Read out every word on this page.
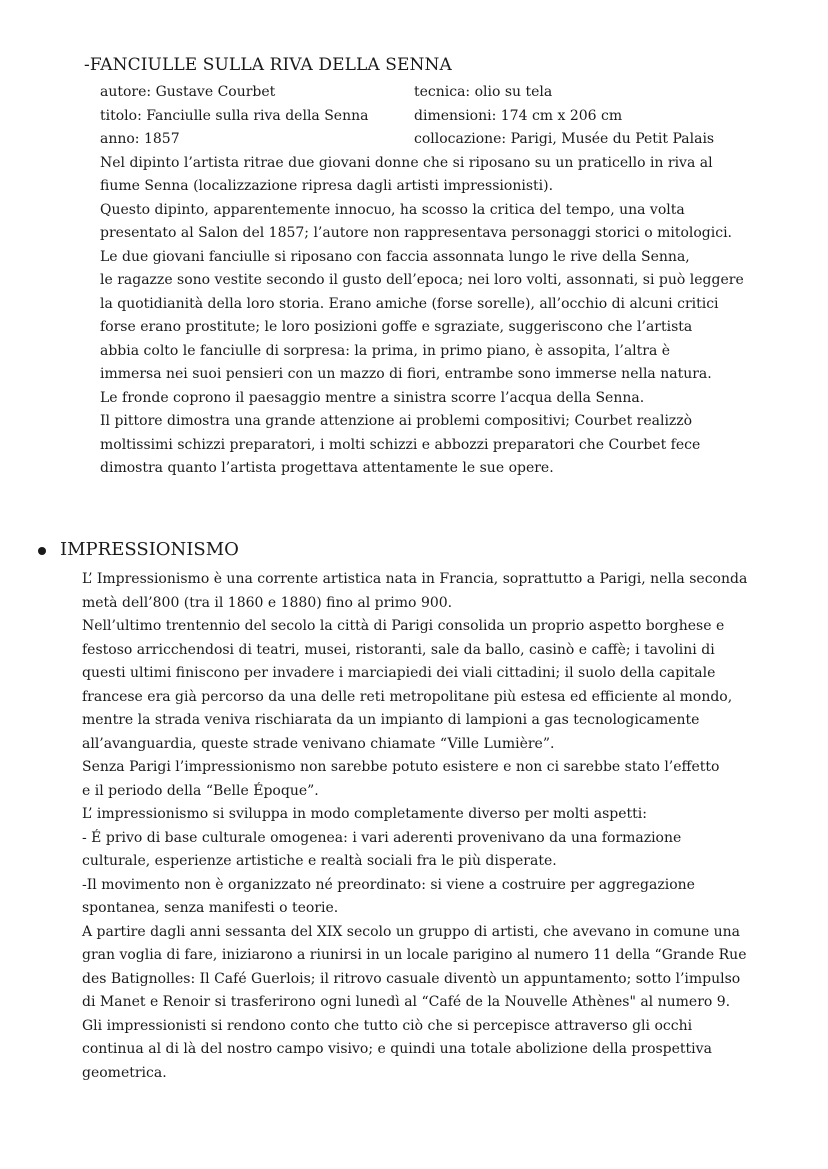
-FANCIULLE SULLA RIVA DELLA SENNA
autore: Gustave Courbet	tecnica: olio su tela
titolo: Fanciulle sulla riva della Senna	dimensioni: 174 cm x 206 cm
anno: 1857	collocazione: Parigi, Musée du Petit Palais

Nel dipinto l’artista ritrae due giovani donne che si riposano su un praticello in riva al

fiume Senna (localizzazione ripresa dagli artisti impressionisti).

Questo dipinto, apparentemente innocuo, ha scosso la critica del tempo, una volta

presentato al Salon del 1857; l’autore non rappresentava personaggi storici o mitologici.

Le due giovani fanciulle si riposano con faccia assonnata lungo le rive della Senna,

le ragazze sono vestite secondo il gusto dell’epoca; nei loro volti, assonnati, si può leggere

la quotidianità della loro storia. Erano amiche (forse sorelle), all’occhio di alcuni critici

forse erano prostitute; le loro posizioni goffe e sgraziate, suggeriscono che l’artista

abbia colto le fanciulle di sorpresa: la prima, in primo piano, è assopita, l’altra è

immersa nei suoi pensieri con un mazzo di fiori, entrambe sono immerse nella natura.

Le fronde coprono il paesaggio mentre a sinistra scorre l’acqua della Senna.

Il pittore dimostra una grande attenzione ai problemi compositivi; Courbet realizzò

moltissimi schizzi preparatori, i molti schizzi e abbozzi preparatori che Courbet fece

dimostra quanto l’artista progettava attentamente le sue opere.

IMPRESSIONISMO

L’ Impressionismo è una corrente artistica nata in Francia, soprattutto a Parigi, nella seconda

metà dell’800 (tra il 1860 e 1880) fino al primo 900.

Nell’ultimo trentennio del secolo la città di Parigi consolida un proprio aspetto borghese e

festoso arricchendosi di teatri, musei, ristoranti, sale da ballo, casinò e caffè; i tavolini di

questi ultimi finiscono per invadere i marciapiedi dei viali cittadini; il suolo della capitale

francese era già percorso da una delle reti metropolitane più estesa ed efficiente al mondo,

mentre la strada veniva rischiarata da un impianto di lampioni a gas tecnologicamente

all’avanguardia, queste strade venivano chiamate “Ville Lumière”.

Senza Parigi l’impressionismo non sarebbe potuto esistere e non ci sarebbe stato l’effetto

e il periodo della “Belle Époque”.

L’ impressionismo si sviluppa in modo completamente diverso per molti aspetti:

- É privo di base culturale omogenea: i vari aderenti provenivano da una formazione

culturale, esperienze artistiche e realtà sociali fra le più disperate.

-Il movimento non è organizzato né preordinato: si viene a costruire per aggregazione

spontanea, senza manifesti o teorie.

A partire dagli anni sessanta del XIX secolo un gruppo di artisti, che avevano in comune una

gran voglia di fare, iniziarono a riunirsi in un locale parigino al numero 11 della “Grande Rue

des Batignolles: Il Café Guerlois; il ritrovo casuale diventò un appuntamento; sotto l’impulso

di Manet e Renoir si trasferirono ogni lunedì al “Café de la Nouvelle Athènes" al numero 9.

Gli impressionisti si rendono conto che tutto ciò che si percepisce attraverso gli occhi

continua al di là del nostro campo visivo; e quindi una totale abolizione della prospettiva

geometrica.
